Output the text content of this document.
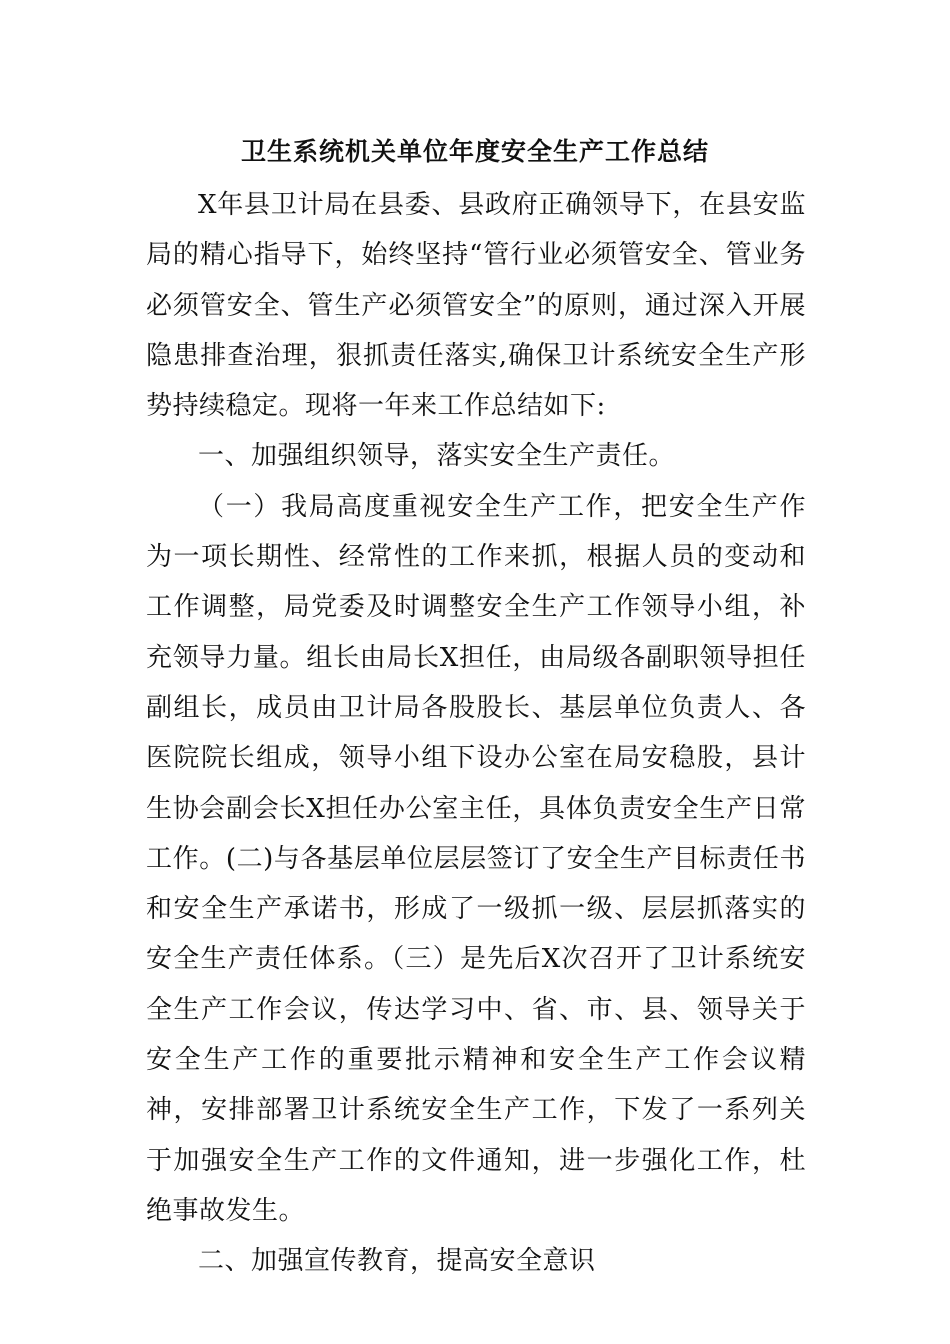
卫生系统机关单位年度安全生产工作总结

X年县卫计局在县委、县政府正确领导下，在县安监局的精心指导下，始终坚持“管行业必须管安全、管业务必须管安全、管生产必须管安全”的原则，通过深入开展隐患排查治理，狠抓责任落实,确保卫计系统安全生产形势持续稳定。现将一年来工作总结如下:

一、加强组织领导，落实安全生产责任。

（一）我局高度重视安全生产工作，把安全生产作为一项长期性、经常性的工作来抓，根据人员的变动和工作调整，局党委及时调整安全生产工作领导小组，补充领导力量。组长由局长X担任，由局级各副职领导担任副组长，成员由卫计局各股股长、基层单位负责人、各医院院长组成，领导小组下设办公室在局安稳股，县计生协会副会长X担任办公室主任，具体负责安全生产日常工作。(二)与各基层单位层层签订了安全生产目标责任书和安全生产承诺书，形成了一级抓一级、层层抓落实的安全生产责任体系。（三）是先后X次召开了卫计系统安全生产工作会议，传达学习中、省、市、县、领导关于安全生产工作的重要批示精神和安全生产工作会议精神，安排部署卫计系统安全生产工作，下发了一系列关于加强安全生产工作的文件通知，进一步强化工作，杜绝事故发生。

二、加强宣传教育，提高安全意识
